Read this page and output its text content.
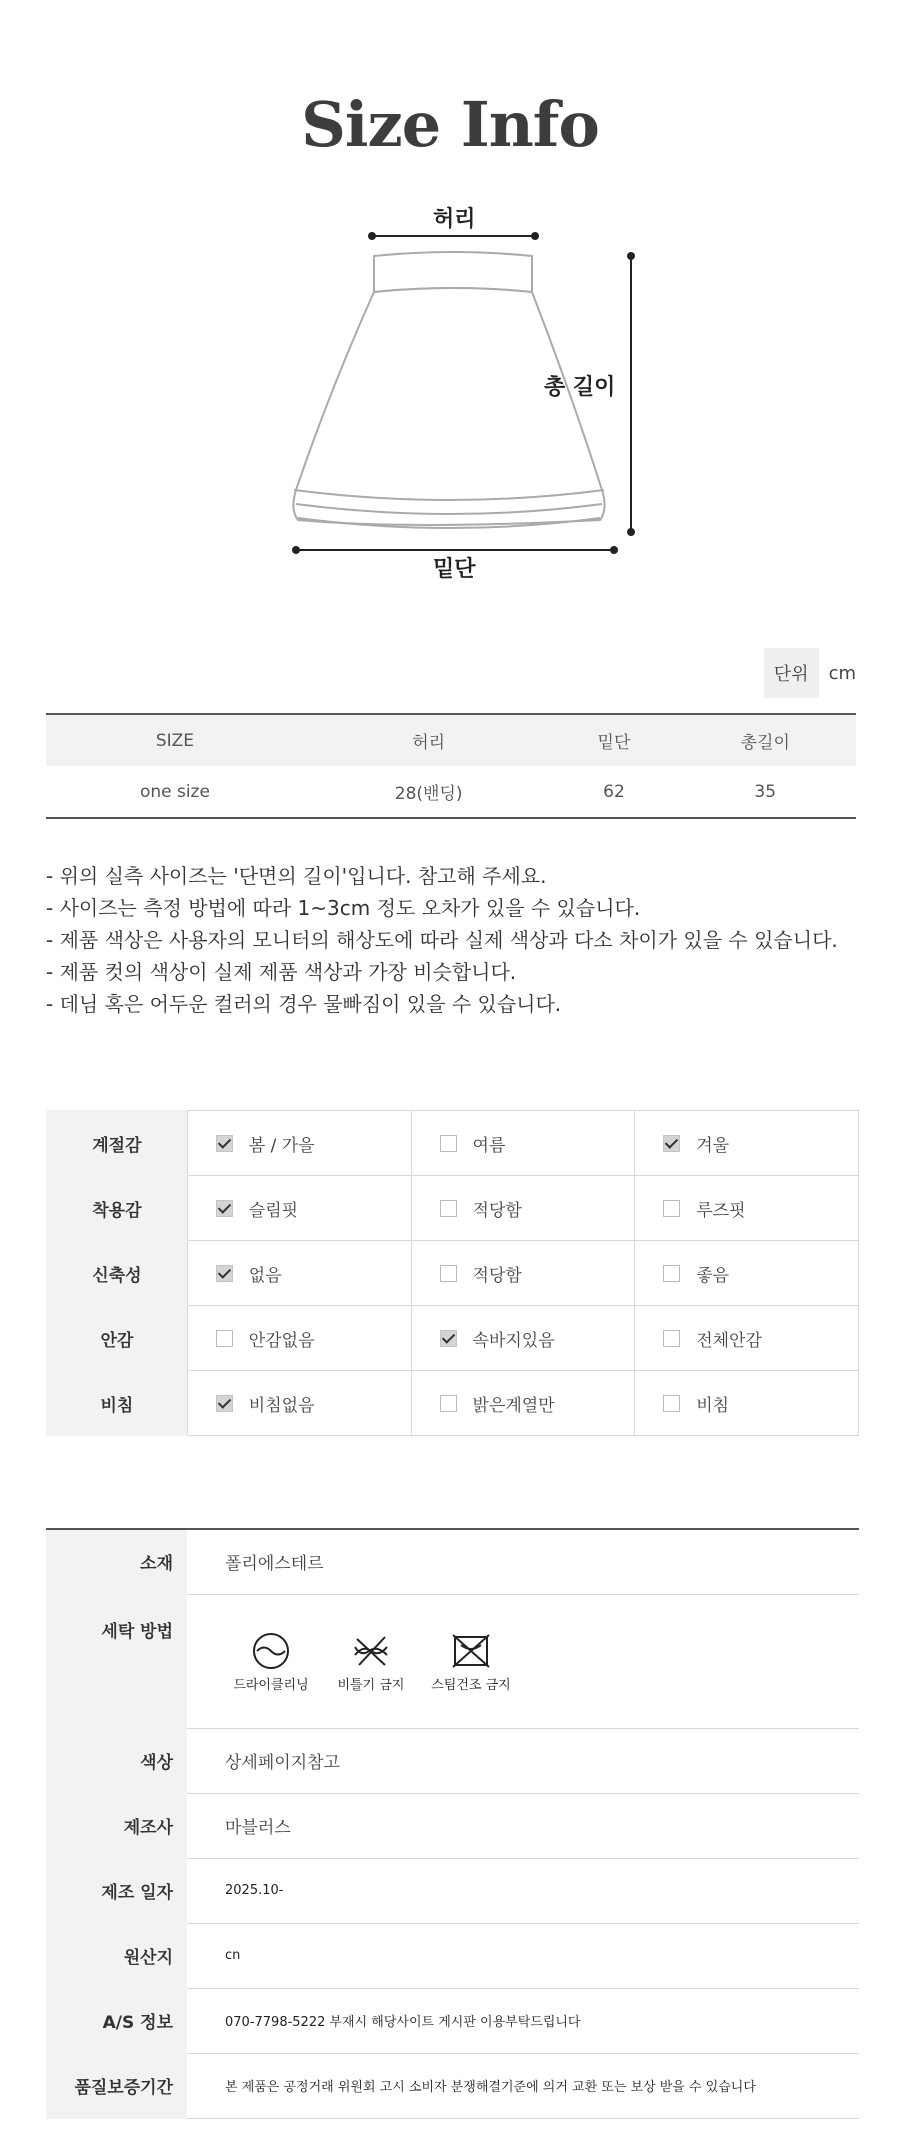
Size Info
허리
총 길이
밑단
단위	cm
SIZE	허리	밑단	총길이
one size	28(밴딩)	62	35
- 위의 실측 사이즈는 '단면의 길이'입니다. 참고해 주세요.
- 사이즈는 측정 방법에 따라 1~3cm 정도 오차가 있을 수 있습니다.
- 제품 색상은 사용자의 모니터의 해상도에 따라 실제 색상과 다소 차이가 있을 수 있습니다.
- 제품 컷의 색상이 실제 제품 색상과 가장 비슷합니다.
- 데님 혹은 어두운 컬러의 경우 물빠짐이 있을 수 있습니다.
계절감	봄 / 가을	여름	겨울
착용감	슬림핏	적당함	루즈핏
신축성	없음	적당함	좋음
안감	안감없음	속바지있음	전체안감
비침	비침없음	밝은계열만	비침
소재	폴리에스테르
세탁 방법	드라이클리닝 비틀기 금지 스팀건조 금지

색상	상세페이지참고
제조사	마블러스
제조 일자	2025.10-
원산지	cn
A/S 정보	070-7798-5222 부재시 해당사이트 게시판 이용부탁드립니다
품질보증기간	본 제품은 공정거래 위원회 고시 소비자 분쟁해결기준에 의거 교환 또는 보상 받을 수 있습니다
